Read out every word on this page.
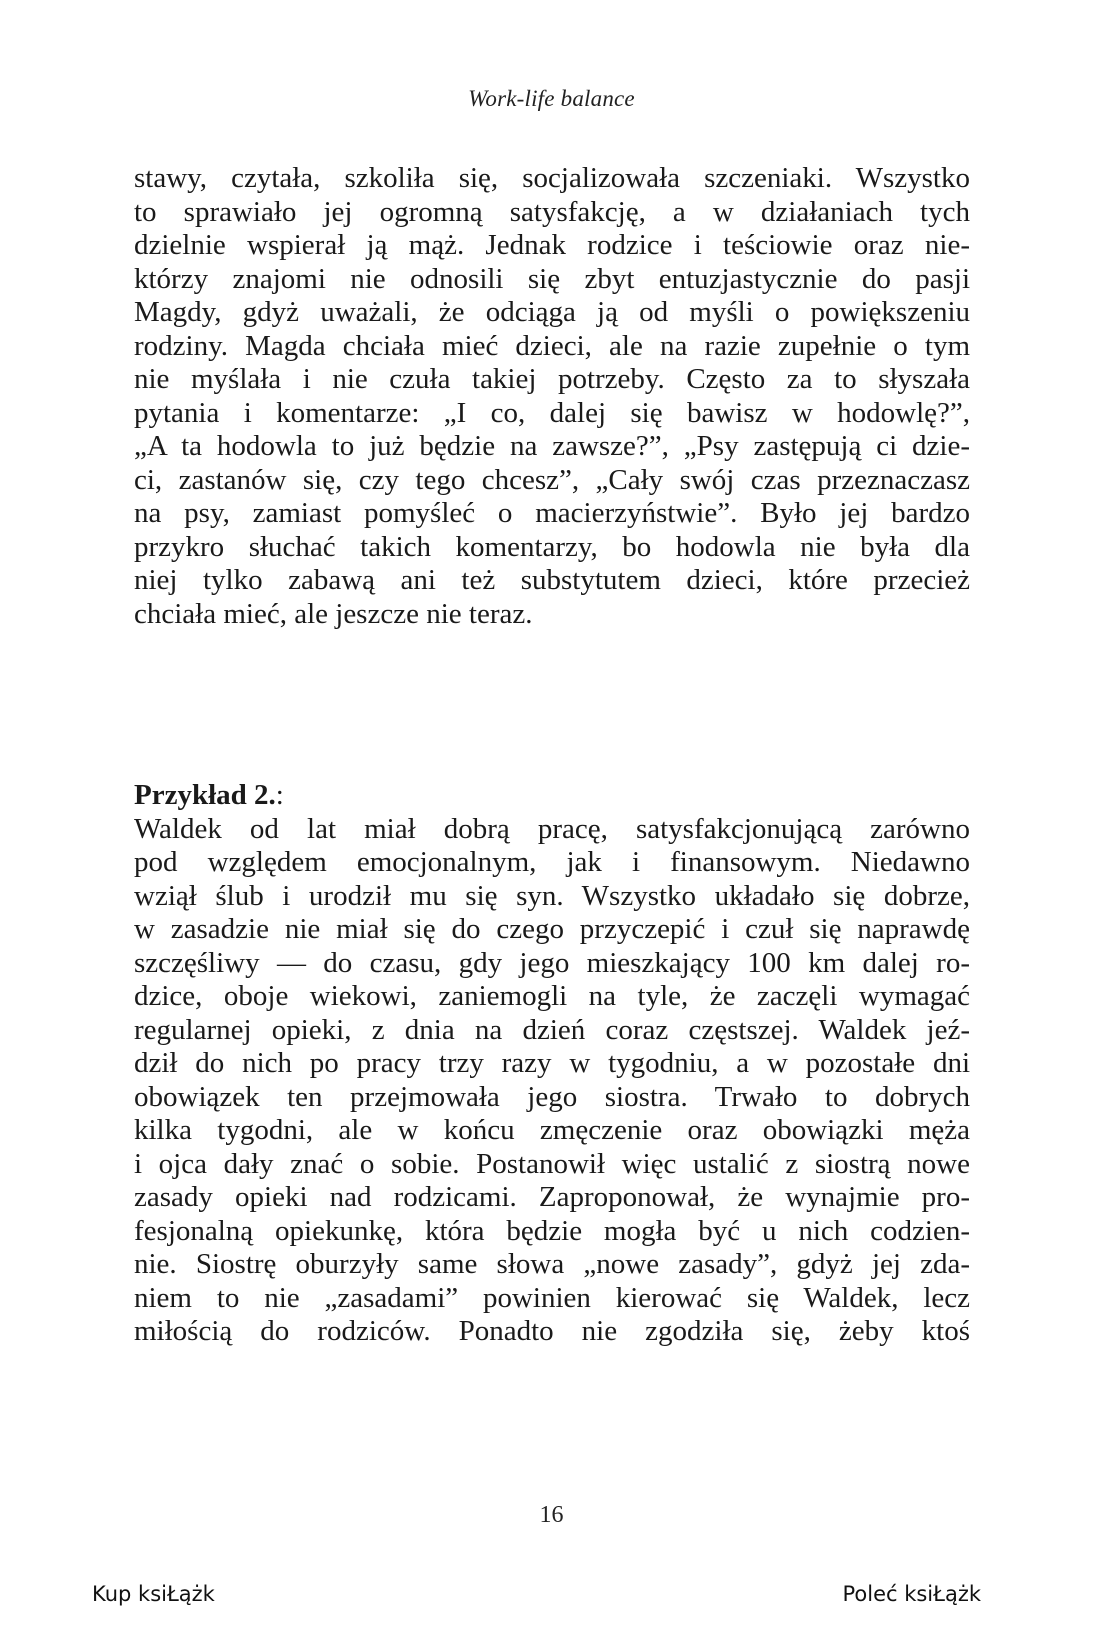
Work-life balance
stawy, czytała, szkoliła się, socjalizowała szczeniaki. Wszystko
to sprawiało jej ogromną satysfakcję, a w działaniach tych
dzielnie wspierał ją mąż. Jednak rodzice i teściowie oraz nie-
którzy znajomi nie odnosili się zbyt entuzjastycznie do pasji
Magdy, gdyż uważali, że odciąga ją od myśli o powiększeniu
rodziny. Magda chciała mieć dzieci, ale na razie zupełnie o tym
nie myślała i nie czuła takiej potrzeby. Często za to słyszała
pytania i komentarze: „I co, dalej się bawisz w hodowlę?”,
„A ta hodowla to już będzie na zawsze?”, „Psy zastępują ci dzie-
ci, zastanów się, czy tego chcesz”, „Cały swój czas przeznaczasz
na psy, zamiast pomyśleć o macierzyństwie”. Było jej bardzo
przykro słuchać takich komentarzy, bo hodowla nie była dla
niej tylko zabawą ani też substytutem dzieci, które przecież
chciała mieć, ale jeszcze nie teraz.
Przykład 2.:
Waldek od lat miał dobrą pracę, satysfakcjonującą zarówno
pod względem emocjonalnym, jak i finansowym. Niedawno
wziął ślub i urodził mu się syn. Wszystko układało się dobrze,
w zasadzie nie miał się do czego przyczepić i czuł się naprawdę
szczęśliwy — do czasu, gdy jego mieszkający 100 km dalej ro-
dzice, oboje wiekowi, zaniemogli na tyle, że zaczęli wymagać
regularnej opieki, z dnia na dzień coraz częstszej. Waldek jeź-
dził do nich po pracy trzy razy w tygodniu, a w pozostałe dni
obowiązek ten przejmowała jego siostra. Trwało to dobrych
kilka tygodni, ale w końcu zmęczenie oraz obowiązki męża
i ojca dały znać o sobie. Postanowił więc ustalić z siostrą nowe
zasady opieki nad rodzicami. Zaproponował, że wynajmie pro-
fesjonalną opiekunkę, która będzie mogła być u nich codzien-
nie. Siostrę oburzyły same słowa „nowe zasady”, gdyż jej zda-
niem to nie „zasadami” powinien kierować się Waldek, lecz
miłością do rodziców. Ponadto nie zgodziła się, żeby ktoś
16
Kup ksiŁążk	Poleć ksiŁążk
